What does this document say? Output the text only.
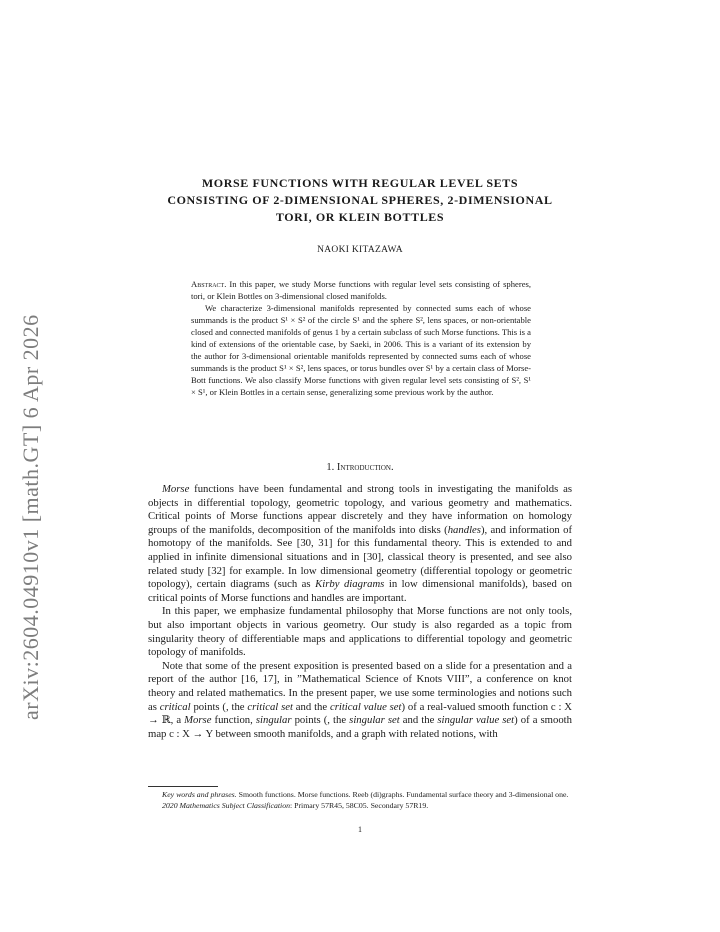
arXiv:2604.04910v1 [math.GT] 6 Apr 2026
MORSE FUNCTIONS WITH REGULAR LEVEL SETS
CONSISTING OF 2-DIMENSIONAL SPHERES, 2-DIMENSIONAL
TORI, OR KLEIN BOTTLES
NAOKI KITAZAWA

Abstract. In this paper, we study Morse functions with regular level sets consisting of spheres, tori, or Klein Bottles on 3-dimensional closed manifolds.

We characterize 3-dimensional manifolds represented by connected sums each of whose summands is the product S¹ × S² of the circle S¹ and the sphere S², lens spaces, or non-orientable closed and connected manifolds of genus 1 by a certain subclass of such Morse functions. This is a kind of extensions of the orientable case, by Saeki, in 2006. This is a variant of its extension by the author for 3-dimensional orientable manifolds represented by connected sums each of whose summands is the product S¹ × S², lens spaces, or torus bundles over S¹ by a certain class of Morse-Bott functions. We also classify Morse functions with given regular level sets consisting of S², S¹ × S¹, or Klein Bottles in a certain sense, generalizing some previous work by the author.

1. Introduction.

Morse functions have been fundamental and strong tools in investigating the manifolds as objects in differential topology, geometric topology, and various geometry and mathematics. Critical points of Morse functions appear discretely and they have information on homology groups of the manifolds, decomposition of the manifolds into disks (handles), and information of homotopy of the manifolds. See [30, 31] for this fundamental theory. This is extended to and applied in infinite dimensional situations and in [30], classical theory is presented, and see also related study [32] for example. In low dimensional geometry (differential topology or geometric topology), certain diagrams (such as Kirby diagrams in low dimensional manifolds), based on critical points of Morse functions and handles are important.

In this paper, we emphasize fundamental philosophy that Morse functions are not only tools, but also important objects in various geometry. Our study is also regarded as a topic from singularity theory of differentiable maps and applications to differential topology and geometric topology of manifolds.

Note that some of the present exposition is presented based on a slide for a presentation and a report of the author [16, 17], in ”Mathematical Science of Knots VIII”, a conference on knot theory and related mathematics. In the present paper, we use some terminologies and notions such as critical points (, the critical set and the critical value set) of a real-valued smooth function c : X → ℝ, a Morse function, singular points (, the singular set and the singular value set) of a smooth map c : X → Y between smooth manifolds, and a graph with related notions, with

Key words and phrases. Smooth functions. Morse functions. Reeb (di)graphs. Fundamental surface theory and 3-dimensional one.

2020 Mathematics Subject Classification: Primary 57R45, 58C05. Secondary 57R19.

1
